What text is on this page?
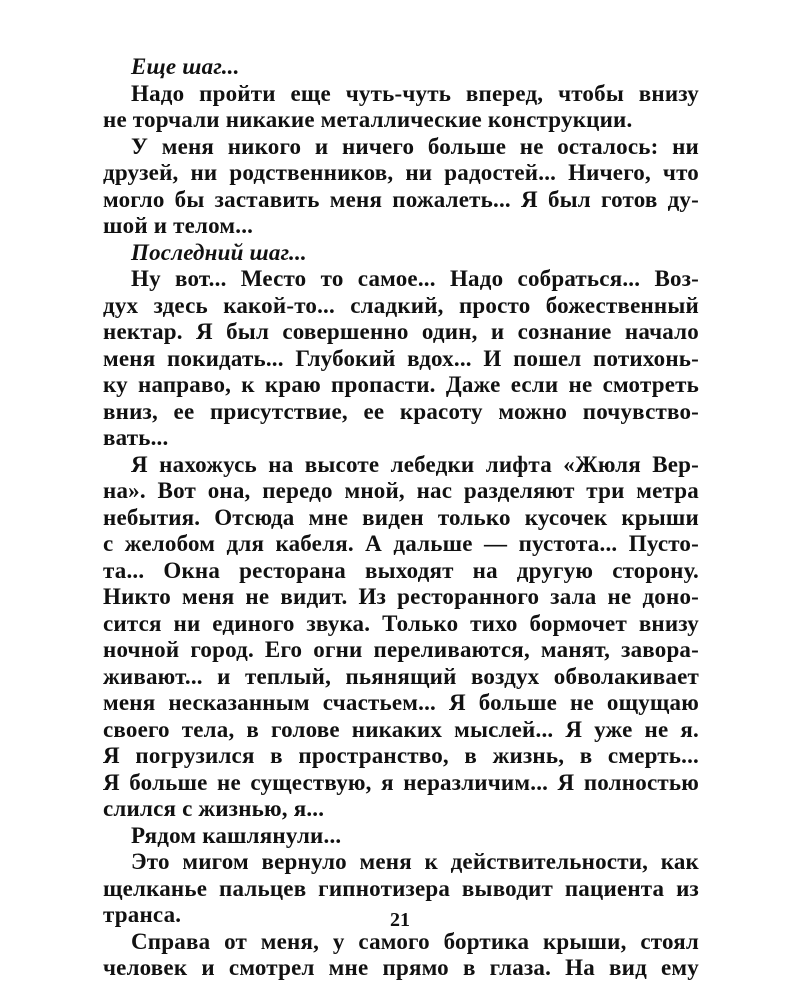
Еще шаг...
Надо пройти еще чуть-чуть вперед, чтобы внизу
не торчали никакие металлические конструкции.
У меня никого и ничего больше не осталось: ни
друзей, ни родственников, ни радостей... Ничего, что
могло бы заставить меня пожалеть... Я был готов ду-
шой и телом...
Последний шаг...
Ну вот... Место то самое... Надо собраться... Воз-
дух здесь какой-то... сладкий, просто божественный
нектар. Я был совершенно один, и сознание начало
меня покидать... Глубокий вдох... И пошел потихонь-
ку направо, к краю пропасти. Даже если не смотреть
вниз, ее присутствие, ее красоту можно почувство-
вать...
Я нахожусь на высоте лебедки лифта «Жюля Вер-
на». Вот она, передо мной, нас разделяют три метра
небытия. Отсюда мне виден только кусочек крыши
с желобом для кабеля. А дальше — пустота... Пусто-
та... Окна ресторана выходят на другую сторону.
Никто меня не видит. Из ресторанного зала не доно-
сится ни единого звука. Только тихо бормочет внизу
ночной город. Его огни переливаются, манят, завора-
живают... и теплый, пьянящий воздух обволакивает
меня несказанным счастьем... Я больше не ощущаю
своего тела, в голове никаких мыслей... Я уже не я.
Я погрузился в пространство, в жизнь, в смерть...
Я больше не существую, я неразличим... Я полностью
слился с жизнью, я...
Рядом кашлянули...
Это мигом вернуло меня к действительности, как
щелканье пальцев гипнотизера выводит пациента из
транса.
Справа от меня, у самого бортика крыши, стоял
человек и смотрел мне прямо в глаза. На вид ему
21
